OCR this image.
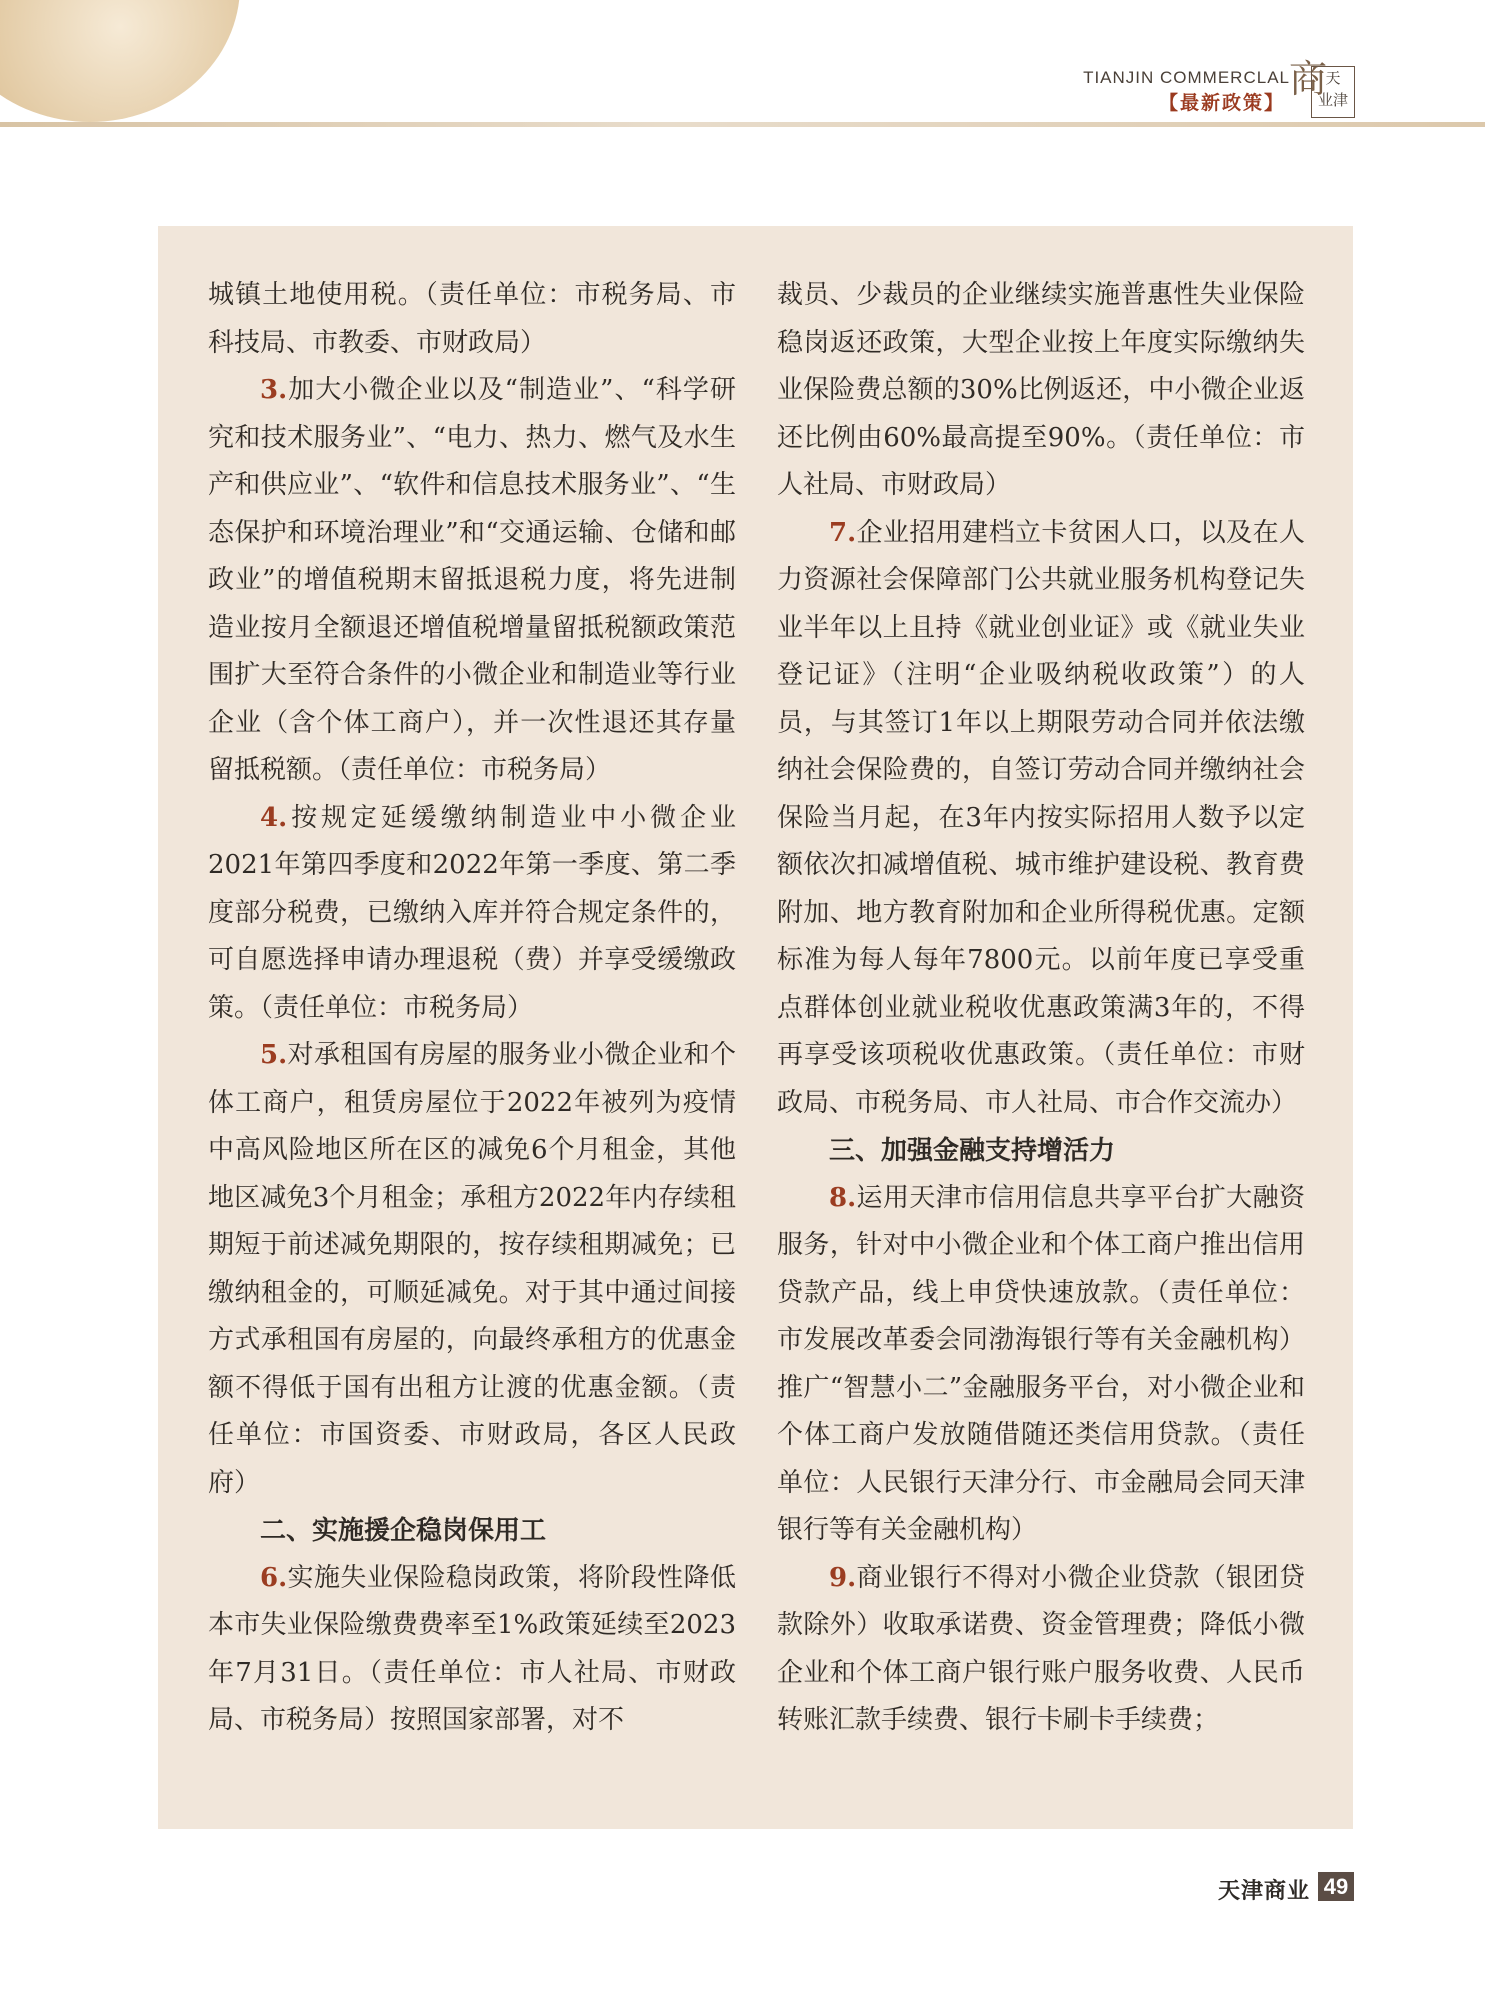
TIANJIN COMMERCLAL
【最新政策】
商
天
业津

城镇土地使用税。（责任单位：市税务局、市科技局、市教委、市财政局）

3.加大小微企业以及“制造业”、“科学研究和技术服务业”、“电力、热力、燃气及水生产和供应业”、“软件和信息技术服务业”、“生态保护和环境治理业”和“交通运输、仓储和邮政业”的增值税期末留抵退税力度，将先进制造业按月全额退还增值税增量留抵税额政策范围扩大至符合条件的小微企业和制造业等行业企业（含个体工商户），并一次性退还其存量留抵税额。（责任单位：市税务局）

4.按规定延缓缴纳制造业中小微企业2021年第四季度和2022年第一季度、第二季度部分税费，已缴纳入库并符合规定条件的，可自愿选择申请办理退税（费）并享受缓缴政策。（责任单位：市税务局）

5.对承租国有房屋的服务业小微企业和个体工商户，租赁房屋位于2022年被列为疫情中高风险地区所在区的减免6个月租金，其他地区减免3个月租金；承租方2022年内存续租期短于前述减免期限的，按存续租期减免；已缴纳租金的，可顺延减免。对于其中通过间接方式承租国有房屋的，向最终承租方的优惠金额不得低于国有出租方让渡的优惠金额。（责任单位：市国资委、市财政局，各区人民政府）

二、实施援企稳岗保用工

6.实施失业保险稳岗政策，将阶段性降低本市失业保险缴费费率至1%政策延续至2023年7月31日。（责任单位：市人社局、市财政局、市税务局）按照国家部署，对不

裁员、少裁员的企业继续实施普惠性失业保险稳岗返还政策，大型企业按上年度实际缴纳失业保险费总额的30%比例返还，中小微企业返还比例由60%最高提至90%。（责任单位：市人社局、市财政局）

7.企业招用建档立卡贫困人口，以及在人力资源社会保障部门公共就业服务机构登记失业半年以上且持《就业创业证》或《就业失业登记证》（注明“企业吸纳税收政策”）的人员，与其签订1年以上期限劳动合同并依法缴纳社会保险费的，自签订劳动合同并缴纳社会保险当月起，在3年内按实际招用人数予以定额依次扣减增值税、城市维护建设税、教育费附加、地方教育附加和企业所得税优惠。定额标准为每人每年7800元。以前年度已享受重点群体创业就业税收优惠政策满3年的，不得再享受该项税收优惠政策。（责任单位：市财政局、市税务局、市人社局、市合作交流办）

三、加强金融支持增活力

8.运用天津市信用信息共享平台扩大融资服务，针对中小微企业和个体工商户推出信用贷款产品，线上申贷快速放款。（责任单位：市发展改革委会同渤海银行等有关金融机构）推广“智慧小二”金融服务平台，对小微企业和个体工商户发放随借随还类信用贷款。（责任单位：人民银行天津分行、市金融局会同天津银行等有关金融机构）

9.商业银行不得对小微企业贷款（银团贷款除外）收取承诺费、资金管理费；降低小微企业和个体工商户银行账户服务收费、人民币转账汇款手续费、银行卡刷卡手续费；

天津商业 49
